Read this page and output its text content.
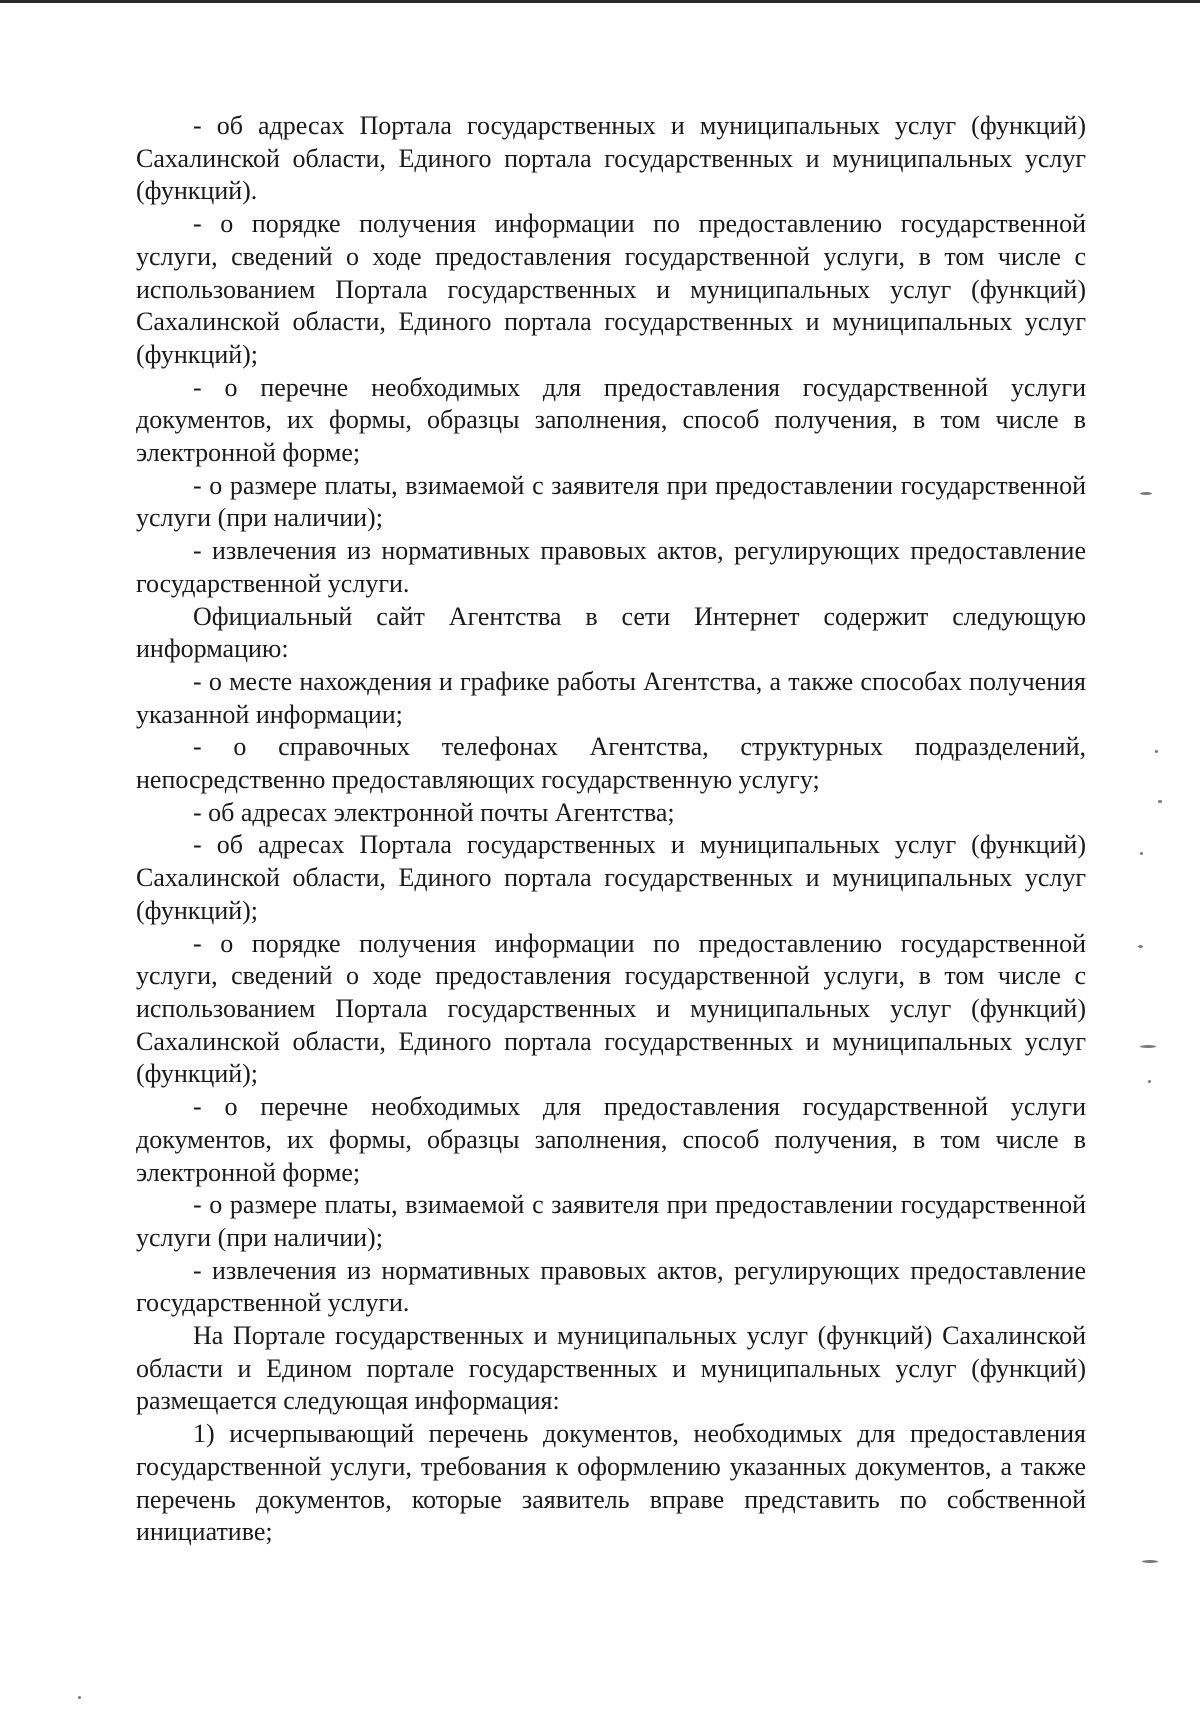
- об адресах Портала государственных и муниципальных услуг (функций) Сахалинской области, Единого портала государственных и муниципальных услуг (функций).

- о порядке получения информации по предоставлению государственной услуги, сведений о ходе предоставления государственной услуги, в том числе с использованием Портала государственных и муниципальных услуг (функций) Сахалинской области, Единого портала государственных и муниципальных услуг (функций);

- о перечне необходимых для предоставления государственной услуги документов, их формы, образцы заполнения, способ получения, в том числе в электронной форме;

- о размере платы, взимаемой с заявителя при предоставлении государственной услуги (при наличии);

- извлечения из нормативных правовых актов, регулирующих предоставление государственной услуги.

Официальный сайт Агентства в сети Интернет содержит следующую информацию:

- о месте нахождения и графике работы Агентства, а также способах получения указанной информации;

- о справочных телефонах Агентства, структурных подразделений, непосредственно предоставляющих государственную услугу;

- об адресах электронной почты Агентства;

- об адресах Портала государственных и муниципальных услуг (функций) Сахалинской области, Единого портала государственных и муниципальных услуг (функций);

- о порядке получения информации по предоставлению государственной услуги, сведений о ходе предоставления государственной услуги, в том числе с использованием Портала государственных и муниципальных услуг (функций) Сахалинской области, Единого портала государственных и муниципальных услуг (функций);

- о перечне необходимых для предоставления государственной услуги документов, их формы, образцы заполнения, способ получения, в том числе в электронной форме;

- о размере платы, взимаемой с заявителя при предоставлении государственной услуги (при наличии);

- извлечения из нормативных правовых актов, регулирующих предоставление государственной услуги.

На Портале государственных и муниципальных услуг (функций) Сахалинской области и Едином портале государственных и муниципальных услуг (функций) размещается следующая информация:

1) исчерпывающий перечень документов, необходимых для предоставления государственной услуги, требования к оформлению указанных документов, а также перечень документов, которые заявитель вправе представить по собственной инициативе;
